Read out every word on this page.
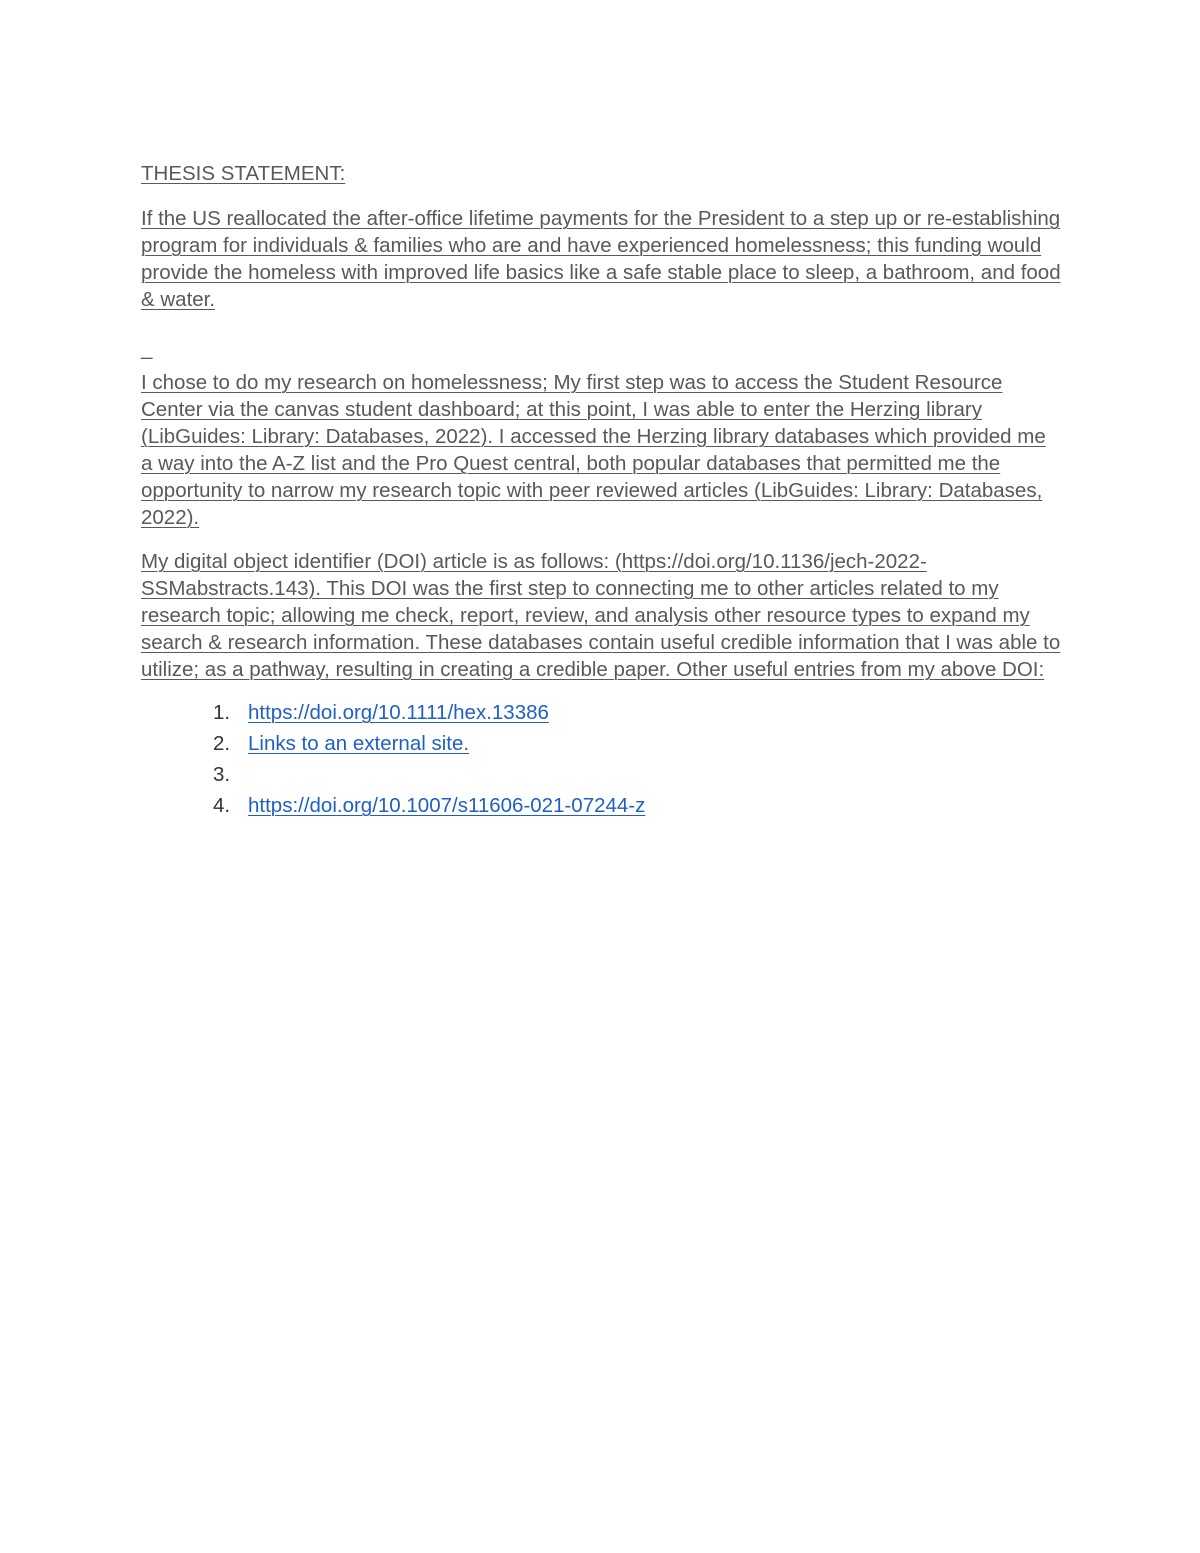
THESIS STATEMENT:

If the US reallocated the after-office lifetime payments for the President to a step up or re-establishing program for individuals & families who are and have experienced homelessness; this funding would provide the homeless with improved life basics like a safe stable place to sleep, a bathroom, and food & water.

_

I chose to do my research on homelessness; My first step was to access the Student Resource Center via the canvas student dashboard; at this point, I was able to enter the Herzing library (LibGuides: Library: Databases, 2022). I accessed the Herzing library databases which provided me a way into the A-Z list and the Pro Quest central, both popular databases that permitted me the opportunity to narrow my research topic with peer reviewed articles (LibGuides: Library: Databases, 2022).

My digital object identifier (DOI) article is as follows: (https://doi.org/10.1136/jech-2022-SSMabstracts.143). This DOI was the first step to connecting me to other articles related to my research topic; allowing me check, report, review, and analysis other resource types to expand my search & research information. These databases contain useful credible information that I was able to utilize; as a pathway, resulting in creating a credible paper. Other useful entries from my above DOI:

1. https://doi.org/10.1111/hex.13386
2. Links to an external site.
3.
4. https://doi.org/10.1007/s11606-021-07244-z
